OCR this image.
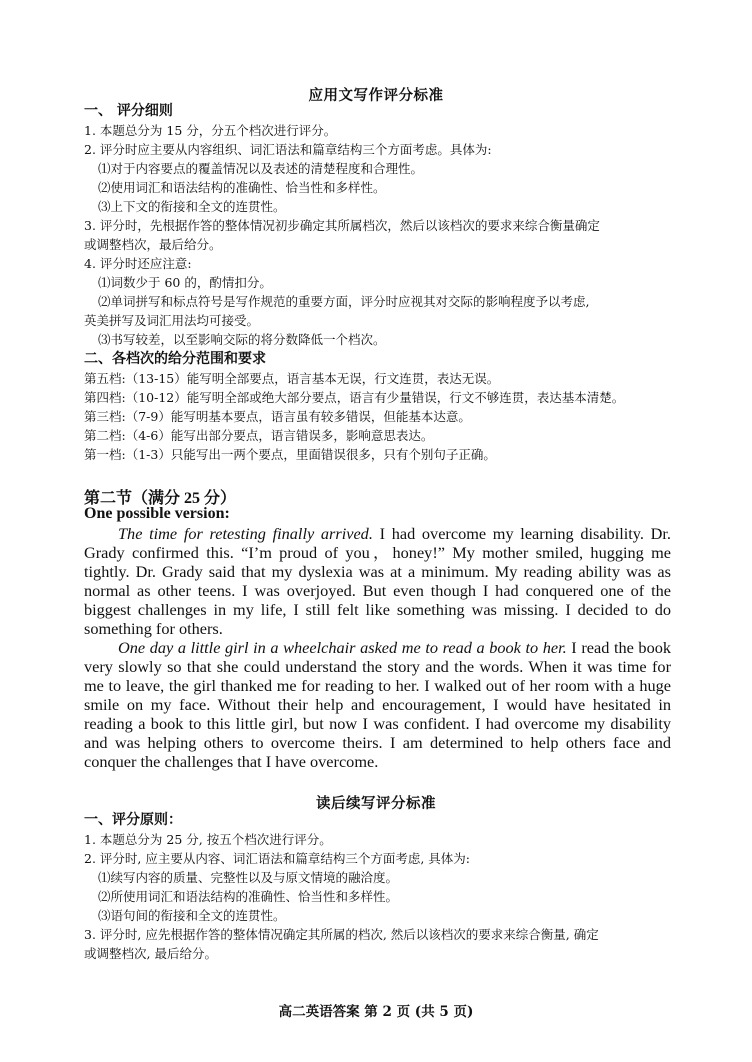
应用文写作评分标准
一、 评分细则
1. 本题总分为 15 分，分五个档次进行评分。
2. 评分时应主要从内容组织、词汇语法和篇章结构三个方面考虑。具体为:
⑴对于内容要点的覆盖情况以及表述的清楚程度和合理性。
⑵使用词汇和语法结构的准确性、恰当性和多样性。
⑶上下文的衔接和全文的连贯性。
3. 评分时，先根据作答的整体情况初步确定其所属档次，然后以该档次的要求来综合衡量确定
或调整档次，最后给分。
4. 评分时还应注意:
⑴词数少于 60 的，酌情扣分。
⑵单词拼写和标点符号是写作规范的重要方面，评分时应视其对交际的影响程度予以考虑,
英美拼写及词汇用法均可接受。
⑶书写较差，以至影响交际的将分数降低一个档次。
二、各档次的给分范围和要求
第五档:（13-15）能写明全部要点，语言基本无误，行文连贯，表达无误。
第四档:（10-12）能写明全部或绝大部分要点，语言有少量错误，行文不够连贯，表达基本清楚。
第三档:（7-9）能写明基本要点，语言虽有较多错误，但能基本达意。
第二档:（4-6）能写出部分要点，语言错误多，影响意思表达。
第一档:（1-3）只能写出一两个要点，里面错误很多，只有个别句子正确。
第二节（满分 25 分）
One possible version:

The time for retesting finally arrived. I had overcome my learning disability. Dr. Grady confirmed this. “I’m proud of you，honey!” My mother smiled, hugging me tightly. Dr. Grady said that my dyslexia was at a minimum. My reading ability was as normal as other teens. I was overjoyed. But even though I had conquered one of the biggest challenges in my life, I still felt like something was missing. I decided to do something for others.

One day a little girl in a wheelchair asked me to read a book to her. I read the book very slowly so that she could understand the story and the words. When it was time for me to leave, the girl thanked me for reading to her. I walked out of her room with a huge smile on my face. Without their help and encouragement, I would have hesitated in reading a book to this little girl, but now I was confident. I had overcome my disability and was helping others to overcome theirs. I am determined to help others face and conquer the challenges that I have overcome.

读后续写评分标准
一、评分原则：
1. 本题总分为 25 分, 按五个档次进行评分。
2. 评分时, 应主要从内容、词汇语法和篇章结构三个方面考虑, 具体为:
⑴续写内容的质量、完整性以及与原文情境的融洽度。
⑵所使用词汇和语法结构的准确性、恰当性和多样性。
⑶语句间的衔接和全文的连贯性。
3. 评分时, 应先根据作答的整体情况确定其所属的档次, 然后以该档次的要求来综合衡量, 确定
或调整档次, 最后给分。
高二英语答案 第 2 页 (共 5 页)
